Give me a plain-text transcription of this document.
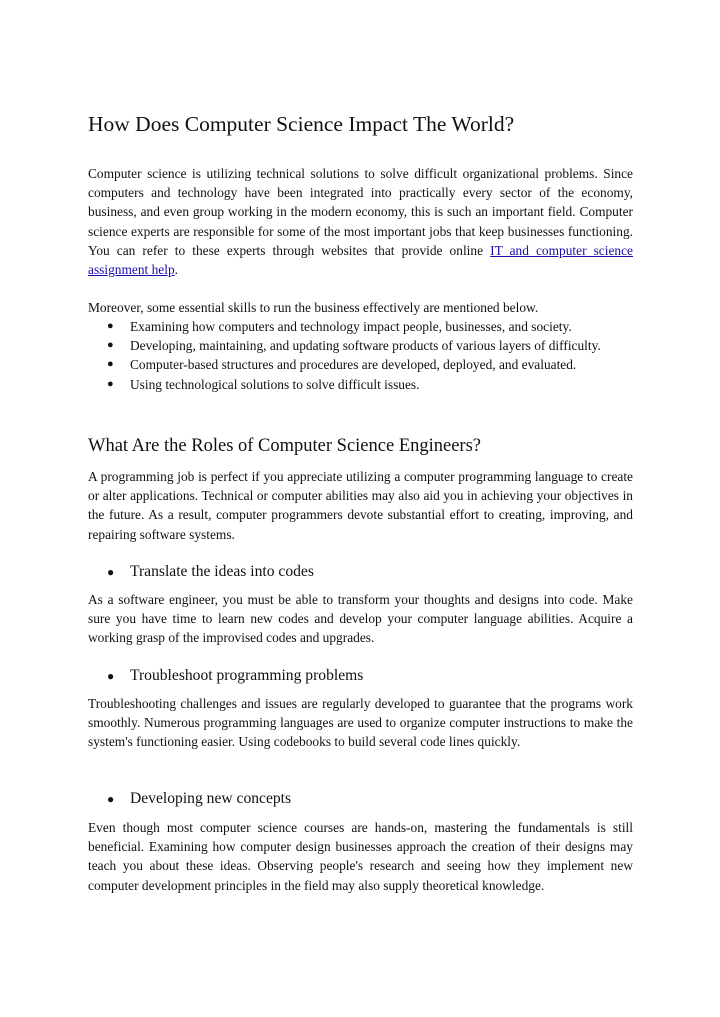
How Does Computer Science Impact The World?

Computer science is utilizing technical solutions to solve difficult organizational problems. Since computers and technology have been integrated into practically every sector of the economy, business, and even group working in the modern economy, this is such an important field. Computer science experts are responsible for some of the most important jobs that keep businesses functioning. You can refer to these experts through websites that provide online IT and computer science assignment help.

Moreover, some essential skills to run the business effectively are mentioned below.

● Examining how computers and technology impact people, businesses, and society.
● Developing, maintaining, and updating software products of various layers of difficulty.
● Computer-based structures and procedures are developed, deployed, and evaluated.
● Using technological solutions to solve difficult issues.
What Are the Roles of Computer Science Engineers?

A programming job is perfect if you appreciate utilizing a computer programming language to create or alter applications. Technical or computer abilities may also aid you in achieving your objectives in the future. As a result, computer programmers devote substantial effort to creating, improving, and repairing software systems.

● Translate the ideas into codes

As a software engineer, you must be able to transform your thoughts and designs into code. Make sure you have time to learn new codes and develop your computer language abilities. Acquire a working grasp of the improvised codes and upgrades.

● Troubleshoot programming problems

Troubleshooting challenges and issues are regularly developed to guarantee that the programs work smoothly. Numerous programming languages are used to organize computer instructions to make the system's functioning easier. Using codebooks to build several code lines quickly.

● Developing new concepts

Even though most computer science courses are hands-on, mastering the fundamentals is still beneficial. Examining how computer design businesses approach the creation of their designs may teach you about these ideas. Observing people's research and seeing how they implement new computer development principles in the field may also supply theoretical knowledge.
